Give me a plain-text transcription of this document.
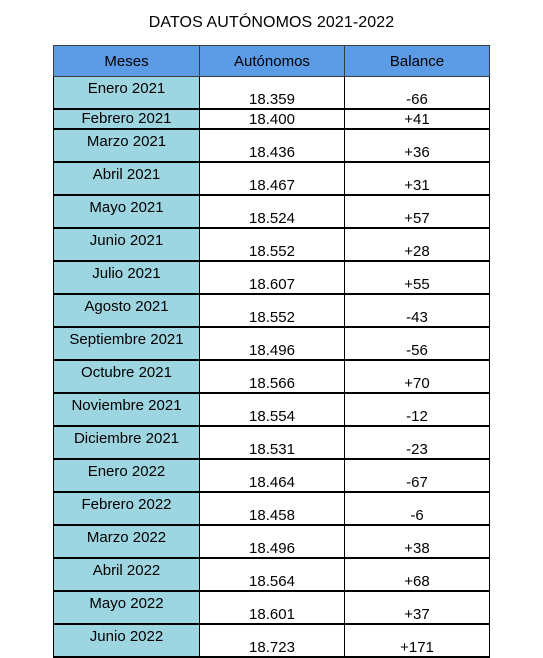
DATOS AUTÓNOMOS 2021-2022
Meses	Autónomos	Balance
Enero 2021	18.359	-66
Febrero 2021	18.400	+41
Marzo 2021	18.436	+36
Abril 2021	18.467	+31
Mayo 2021	18.524	+57
Junio 2021	18.552	+28
Julio 2021	18.607	+55
Agosto 2021	18.552	-43
Septiembre 2021	18.496	-56
Octubre 2021	18.566	+70
Noviembre 2021	18.554	-12
Diciembre 2021	18.531	-23
Enero 2022	18.464	-67
Febrero 2022	18.458	-6
Marzo 2022	18.496	+38
Abril 2022	18.564	+68
Mayo 2022	18.601	+37
Junio 2022	18.723	+171
